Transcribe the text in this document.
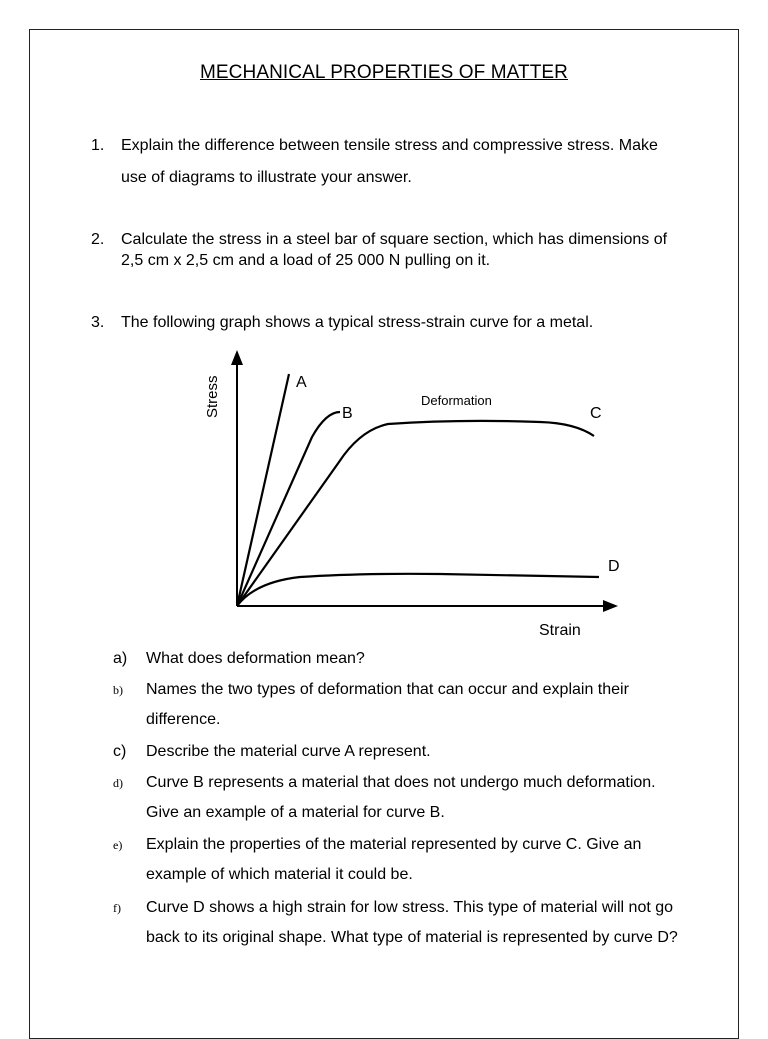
MECHANICAL PROPERTIES OF MATTER
1. Explain the difference between tensile stress and compressive stress. Make use of diagrams to illustrate your answer.
2. Calculate the stress in a steel bar of square section, which has dimensions of 2,5 cm x 2,5 cm and a load of 25 000 N pulling on it.
3. The following graph shows a typical stress-strain curve for a metal.
Stress
Strain
Deformation
A
B	C
D
a)	What does deformation mean?
b)	Names the two types of deformation that can occur and explain their difference.
c)	Describe the material curve A represent.
d)	Curve B represents a material that does not undergo much deformation. Give an example of a material for curve B.
e)	Explain the properties of the material represented by curve C. Give an example of which material it could be.
f)	Curve D shows a high strain for low stress. This type of material will not go back to its original shape. What type of material is represented by curve D?
